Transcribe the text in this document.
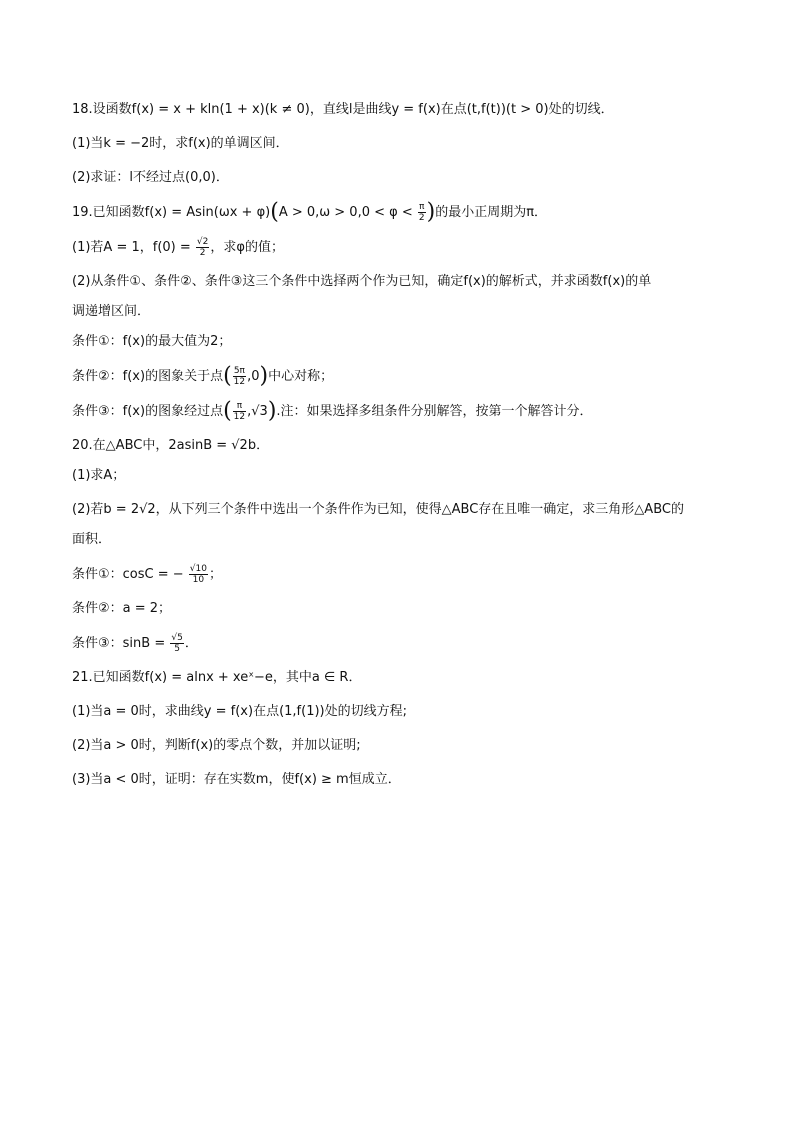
18.设函数f(x) = x + kln(1 + x)(k ≠ 0)，直线l是曲线y = f(x)在点(t,f(t))(t > 0)处的切线．

(1)当k = −2时，求f(x)的单调区间．

(2)求证：l不经过点(0,0)．

19.已知函数$f(x) = Asin(\omega x + \varphi)(A > 0,\omega > 0,0 < \varphi < \frac{\pi}{2}$ )的最小正周期为π．

(1)若A = 1，$f(0) = \frac{√2}{2}$ ，求φ的值；

(2)从条件①、条件②、条件③这三个条件中选择两个作为已知，确定f(x)的解析式，并求函数f(x)的单

调递增区间．

条件①：f(x)的最大值为2；

条件②：f(x)的图象关于点( $\frac{5\pi}{12} ,0$)中心对称；

条件③：f(x)的图象经过点( $\frac{\pi}{12} ,√3$).注：如果选择多组条件分别解答，按第一个解答计分．

20.在△ABC中，2asinB = √2b．

(1)求A；

(2)若b = 2√2，从下列三个条件中选出一个条件作为已知，使得△ABC存在且唯一确定，求三角形△ABC的

面积．

条件①：cosC = − $\frac{√10}{10}$ ；

条件②：a = 2；

条件③：$\sin B = \frac{√5}{5}$ ．

21.已知函数f(x) = alnx + xeˣ−e，其中a ∈ R．

(1)当a = 0时，求曲线y = f(x)在点(1,f(1))处的切线方程;

(2)当a > 0时，判断f(x)的零点个数，并加以证明;

(3)当a < 0时，证明：存在实数m，使f(x) ≥ m恒成立．
